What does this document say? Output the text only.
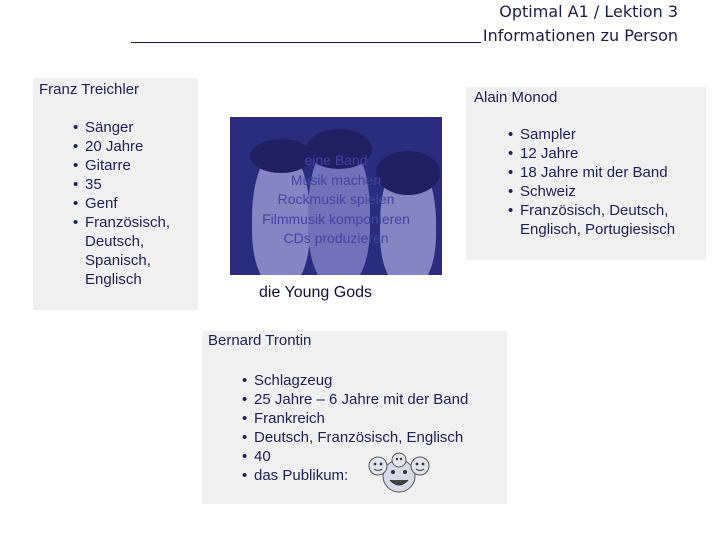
Optimal A1 / Lektion 3
Informationen zu Person
Franz Treichler
• Sänger
• 20 Jahre
• Gitarre
• 35
• Genf
• Französisch, Deutsch, Spanisch, Englisch
Alain Monod
• Sampler
• 12 Jahre
• 18 Jahre mit der Band
• Schweiz
• Französisch, Deutsch, Englisch, Portugiesisch
eine Band
Musik machen
Rockmusik spielen
Filmmusik komponieren
CDs produzieren
die Young Gods
Bernard Trontin
• Schlagzeug
• 25 Jahre – 6 Jahre mit der Band
• Frankreich
• Deutsch, Französisch, Englisch
• 40
• das Publikum:
